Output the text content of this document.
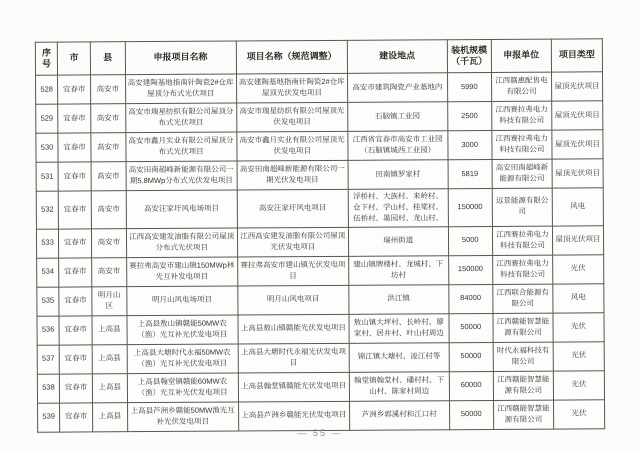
序号	市	县	申报项目名称	项目名称（规范调整）	建设地点	装机规模（千瓦）	申报单位	项目类型
528	宜春市	高安市	高安建陶基地指南针陶瓷2#仓库屋顶分布式光伏项目	高安建陶基地指南针陶瓷2#仓库屋顶光伏发电项目	高安市建筑陶瓷产业基地内	5990	江西赣惠配售电有限公司	屋顶光伏项目
529	宜春市	高安市	高安市瑞星纺织有限公司屋顶分布式光伏项目	高安市瑞星纺织有限公司屋顶光伏发电项目	石脑镇工业园	2500	江西赛拉弗电力科技有限公司	屋顶光伏项目
530	宜春市	高安市	高安市鑫月实业有限公司屋顶分布式光伏项目	高安市鑫月实业有限公司屋顶光伏发电项目	江西省宜春市高安市工业园（石脑镇城西工业园）	3000	江西赛拉弗电力科技有限公司	屋顶光伏项目
531	宜春市	高安市	高安田南超峰新能源有限公司一期5.8MWp分布式光伏发电项目	高安田南超峰新能源有限公司一期光伏发电项目	田南镇罗家村	5819	高安田南超峰新能源有限公司	屋顶光伏项目
532	宜春市	高安市	高安汪家圩风电场项目	高安汪家圩风电项目	浮桥村、大族村、来岭村、仓下村、学山村、桂棠村、伍桥村、墨园村、龙山村、	150000	远景能源有限公司	风电
533	宜春市	高安市	江西高安建发油脂有限公司屋顶分布式光伏项目	江西高安建发油脂有限公司屋顶光伏发电项目	瑞州街道	5000	江西赛拉弗电力科技有限公司	屋顶光伏项目
534	宜春市	高安市	赛拉弗高安市建山镇150MWp林光互补发电项目	赛拉弗高安市建山镇光伏发电项目	建山镇牌楼村、龙城村、下坊村	150000	江西赛拉弗电力科技有限公司	光伏
535	宜春市	明月山区	明月山风电场项目	明月山风电项目	洪江镇	84000	江西联合能源有限公司	风电
536	宜春市	上高县	上高县敖山镇赣能50MW农（渔）光互补光伏发电项目	上高县敖山镇赣能光伏发电项目	敖山镇大坪村、长岭村、廖家村、居井村、叶山村周边	50000	江西赣能智慧能源有限公司	光伏
537	宜春市	上高县	上高县大塘时代永福50MW农（渔）光互补光伏发电项目	上高县大塘时代永福光伏发电项目	锦江镇大塘村、凌江村等	50000	时代永福科技有限公司	光伏
538	宜春市	上高县	上高县翰堂镇赣能60MW农（渔）光互补光伏发电项目	上高县翰堂镇赣能光伏发电项目	翰堂镇翰堂村、磻村村、下山村、陈家村周边	60000	江西赣能智慧能源有限公司	光伏
539	宜春市	上高县	上高县芦洲乡赣能50MW渔光互补光伏发电项目	上高县芦洲乡赣能光伏发电项目	芦洲乡郭溪村和江口村	50000	江西赣能智慧能源有限公司	光伏
— 55 —
